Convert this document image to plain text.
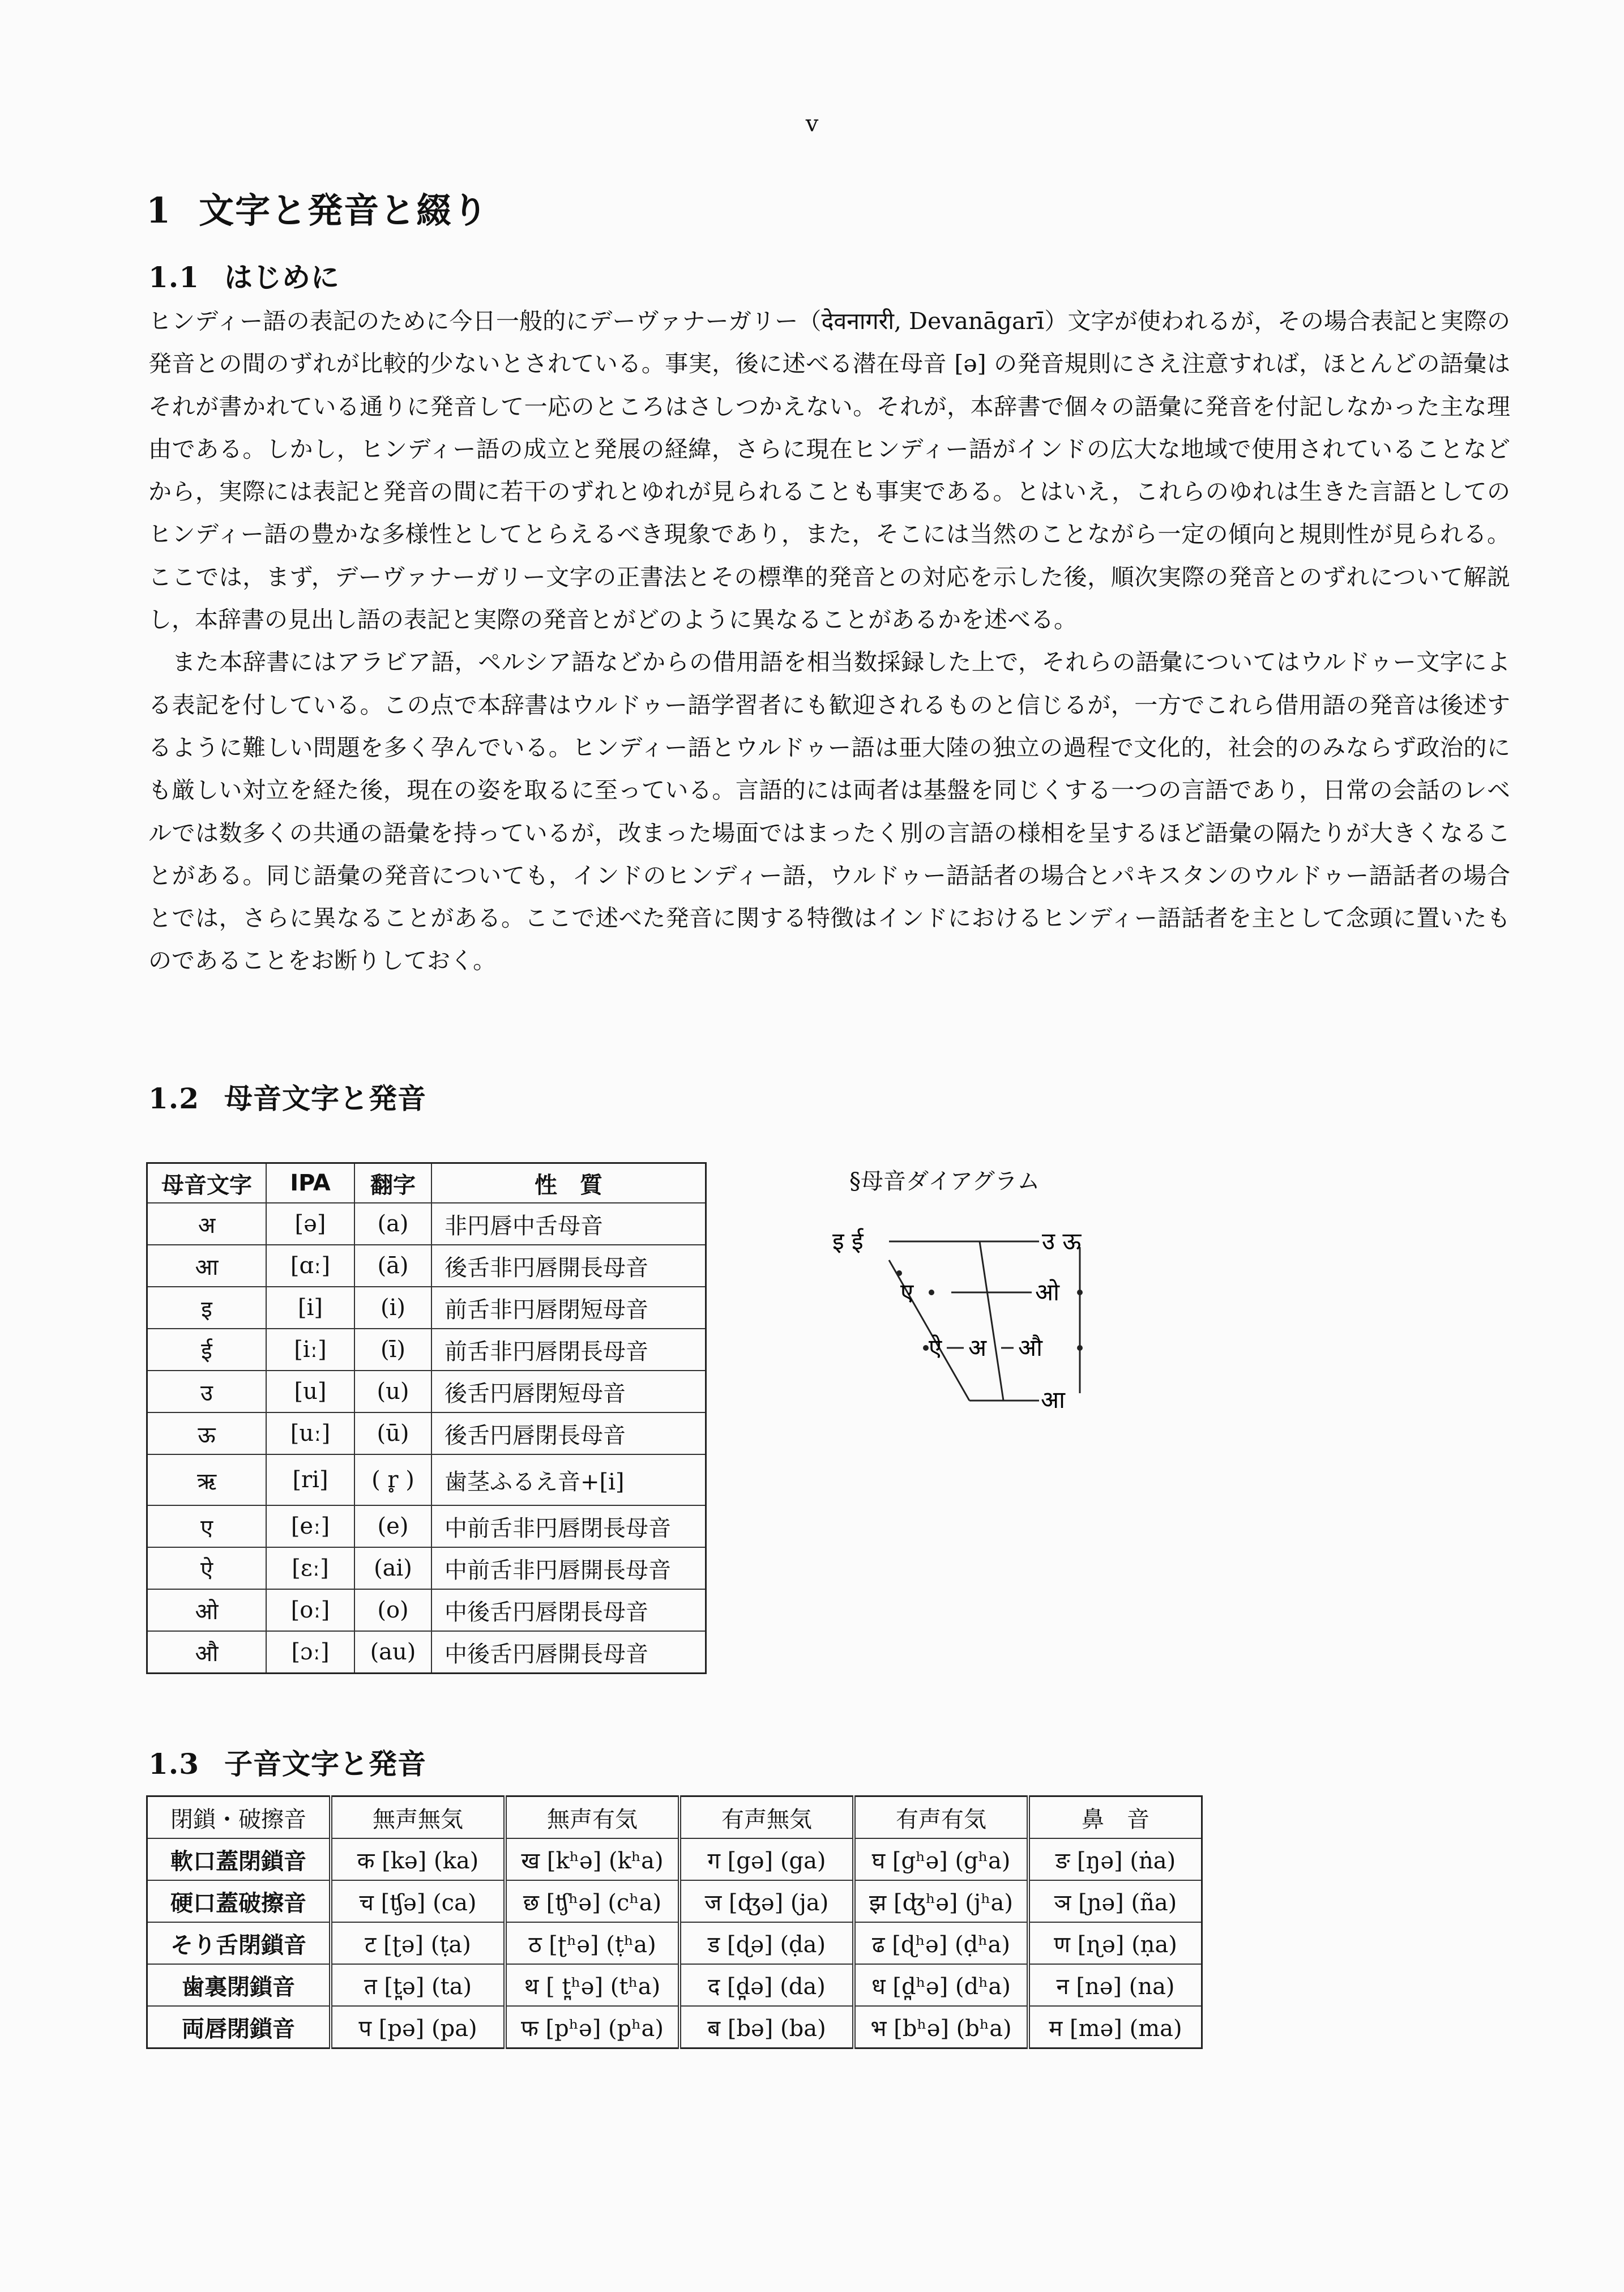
v
1 文字と発音と綴り
1.1 はじめに

ヒンディー語の表記のために今日一般的にデーヴァナーガリー（देवनागरी, Devanāgarī）文字が使われるが，その場合表記と実際の発音との間のずれが比較的少ないとされている。事実，後に述べる潜在母音 [ə] の発音規則にさえ注意すれば，ほとんどの語彙はそれが書かれている通りに発音して一応のところはさしつかえない。それが，本辞書で個々の語彙に発音を付記しなかった主な理由である。しかし，ヒンディー語の成立と発展の経緯，さらに現在ヒンディー語がインドの広大な地域で使用されていることなどから，実際には表記と発音の間に若干のずれとゆれが見られることも事実である。とはいえ，これらのゆれは生きた言語としてのヒンディー語の豊かな多様性としてとらえるべき現象であり，また，そこには当然のことながら一定の傾向と規則性が見られる。ここでは，まず，デーヴァナーガリー文字の正書法とその標準的発音との対応を示した後，順次実際の発音とのずれについて解説し，本辞書の見出し語の表記と実際の発音とがどのように異なることがあるかを述べる。

また本辞書にはアラビア語，ペルシア語などからの借用語を相当数採録した上で，それらの語彙についてはウルドゥー文字による表記を付している。この点で本辞書はウルドゥー語学習者にも歓迎されるものと信じるが，一方でこれら借用語の発音は後述するように難しい問題を多く孕んでいる。ヒンディー語とウルドゥー語は亜大陸の独立の過程で文化的，社会的のみならず政治的にも厳しい対立を経た後，現在の姿を取るに至っている。言語的には両者は基盤を同じくする一つの言語であり，日常の会話のレベルでは数多くの共通の語彙を持っているが，改まった場面ではまったく別の言語の様相を呈するほど語彙の隔たりが大きくなることがある。同じ語彙の発音についても，インドのヒンディー語，ウルドゥー語話者の場合とパキスタンのウルドゥー語話者の場合とでは，さらに異なることがある。ここで述べた発音に関する特徴はインドにおけるヒンディー語話者を主として念頭に置いたものであることをお断りしておく。

1.2 母音文字と発音
母音文字	IPA	翻字	性　質
अ	[ə]	(a)	非円唇中舌母音
आ	[ɑː]	(ā)	後舌非円唇開長母音
इ	[i]	(i)	前舌非円唇閉短母音
ई	[iː]	(ī)	前舌非円唇閉長母音
उ	[u]	(u)	後舌円唇閉短母音
ऊ	[uː]	(ū)	後舌円唇閉長母音
ऋ	[ri]	( r̥ )	歯茎ふるえ音+[i]
ए	[eː]	(e)	中前舌非円唇閉長母音
ऐ	[ɛː]	(ai)	中前舌非円唇開長母音
ओ	[oː]	(o)	中後舌円唇閉長母音
औ	[ɔː]	(au)	中後舌円唇開長母音
§母音ダイアグラム
इ ई	उ ऊ
ए	ओ
ऐ अ औ
आ
1.3 子音文字と発音
閉鎖・破擦音	無声無気	無声有気	有声無気	有声有気	鼻　音
軟口蓋閉鎖音	क [kə] (ka)	ख [kʰə] (kʰa)	ग [gə] (ga)	घ [gʰə] (gʰa)	ङ [ŋə] (ṅa)
硬口蓋破擦音	च [ʧə] (ca)	छ [ʧʰə] (cʰa)	ज [ʤə] (ja)	झ [ʤʰə] (jʰa)	ञ [ɲə] (ña)
そり舌閉鎖音	ट [ʈə] (ṭa)	ठ [ʈʰə] (ṭʰa)	ड [ɖə] (ḍa)	ढ [ɖʰə] (ḍʰa)	ण [ɳə] (ṇa)
歯裏閉鎖音	त [t̪ə] (ta)	थ [ t̪ʰə] (tʰa)	द [d̪ə] (da)	ध [d̪ʰə] (dʰa)	न [nə] (na)
両唇閉鎖音	प [pə] (pa)	फ [pʰə] (pʰa)	ब [bə] (ba)	भ [bʰə] (bʰa)	म [mə] (ma)
